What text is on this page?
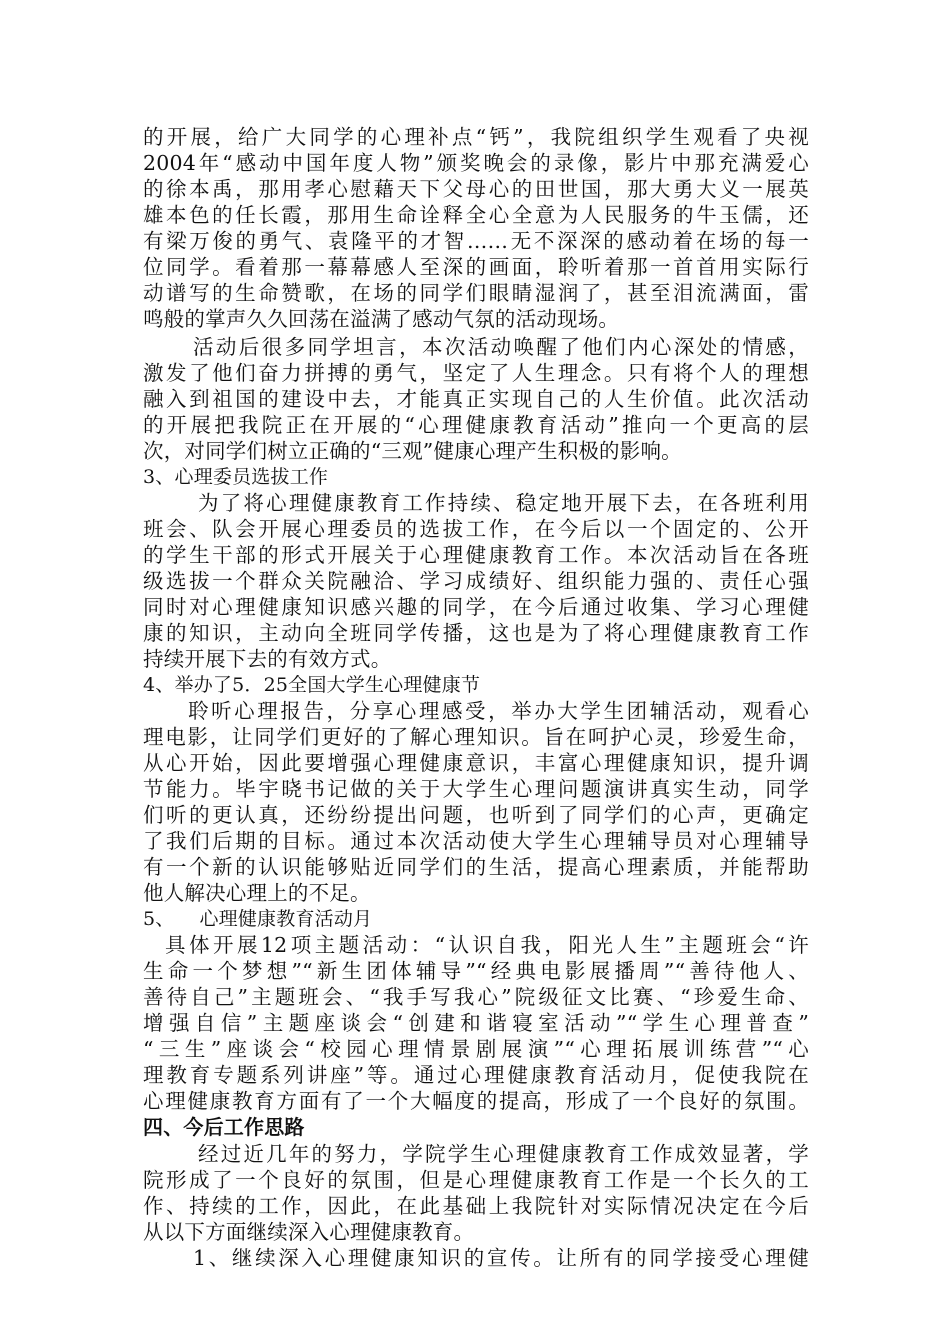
的开展，给广大同学的心理补点“钙”，我院组织学生观看了央视
2004年“感动中国年度人物”颁奖晚会的录像，影片中那充满爱心
的徐本禹，那用孝心慰藉天下父母心的田世国，那大勇大义一展英
雄本色的任长霞，那用生命诠释全心全意为人民服务的牛玉儒，还
有梁万俊的勇气、袁隆平的才智……无不深深的感动着在场的每一
位同学。看着那一幕幕感人至深的画面，聆听着那一首首用实际行
动谱写的生命赞歌，在场的同学们眼睛湿润了，甚至泪流满面，雷
鸣般的掌声久久回荡在溢满了感动气氛的活动现场。
活动后很多同学坦言，本次活动唤醒了他们内心深处的情感，
激发了他们奋力拼搏的勇气，坚定了人生理念。只有将个人的理想
融入到祖国的建设中去，才能真正实现自己的人生价值。此次活动
的开展把我院正在开展的“心理健康教育活动”推向一个更高的层
次，对同学们树立正确的“三观”健康心理产生积极的影响。
3、心理委员选拔工作
为了将心理健康教育工作持续、稳定地开展下去，在各班利用
班会、队会开展心理委员的选拔工作，在今后以一个固定的、公开
的学生干部的形式开展关于心理健康教育工作。本次活动旨在各班
级选拔一个群众关院融洽、学习成绩好、组织能力强的、责任心强
同时对心理健康知识感兴趣的同学，在今后通过收集、学习心理健
康的知识，主动向全班同学传播，这也是为了将心理健康教育工作
持续开展下去的有效方式。
4、举办了5．25全国大学生心理健康节
聆听心理报告，分享心理感受，举办大学生团辅活动，观看心
理电影，让同学们更好的了解心理知识。旨在呵护心灵，珍爱生命，
从心开始，因此要增强心理健康意识，丰富心理健康知识，提升调
节能力。毕宇晓书记做的关于大学生心理问题演讲真实生动，同学
们听的更认真，还纷纷提出问题，也听到了同学们的心声，更确定
了我们后期的目标。通过本次活动使大学生心理辅导员对心理辅导
有一个新的认识能够贴近同学们的生活，提高心理素质，并能帮助
他人解决心理上的不足。
5、    心理健康教育活动月
具体开展12项主题活动：“认识自我，阳光人生”主题班会“许
生命一个梦想”“新生团体辅导”“经典电影展播周”“善待他人、
善待自己”主题班会、“我手写我心”院级征文比赛、“珍爱生命、
增强自信”主题座谈会“创建和谐寝室活动”“学生心理普查”
“三生”座谈会“校园心理情景剧展演”“心理拓展训练营”“心
理教育专题系列讲座”等。通过心理健康教育活动月，促使我院在
心理健康教育方面有了一个大幅度的提高，形成了一个良好的氛围。
四、今后工作思路
经过近几年的努力，学院学生心理健康教育工作成效显著，学
院形成了一个良好的氛围，但是心理健康教育工作是一个长久的工
作、持续的工作，因此，在此基础上我院针对实际情况决定在今后
从以下方面继续深入心理健康教育。
1、继续深入心理健康知识的宣传。让所有的同学接受心理健
